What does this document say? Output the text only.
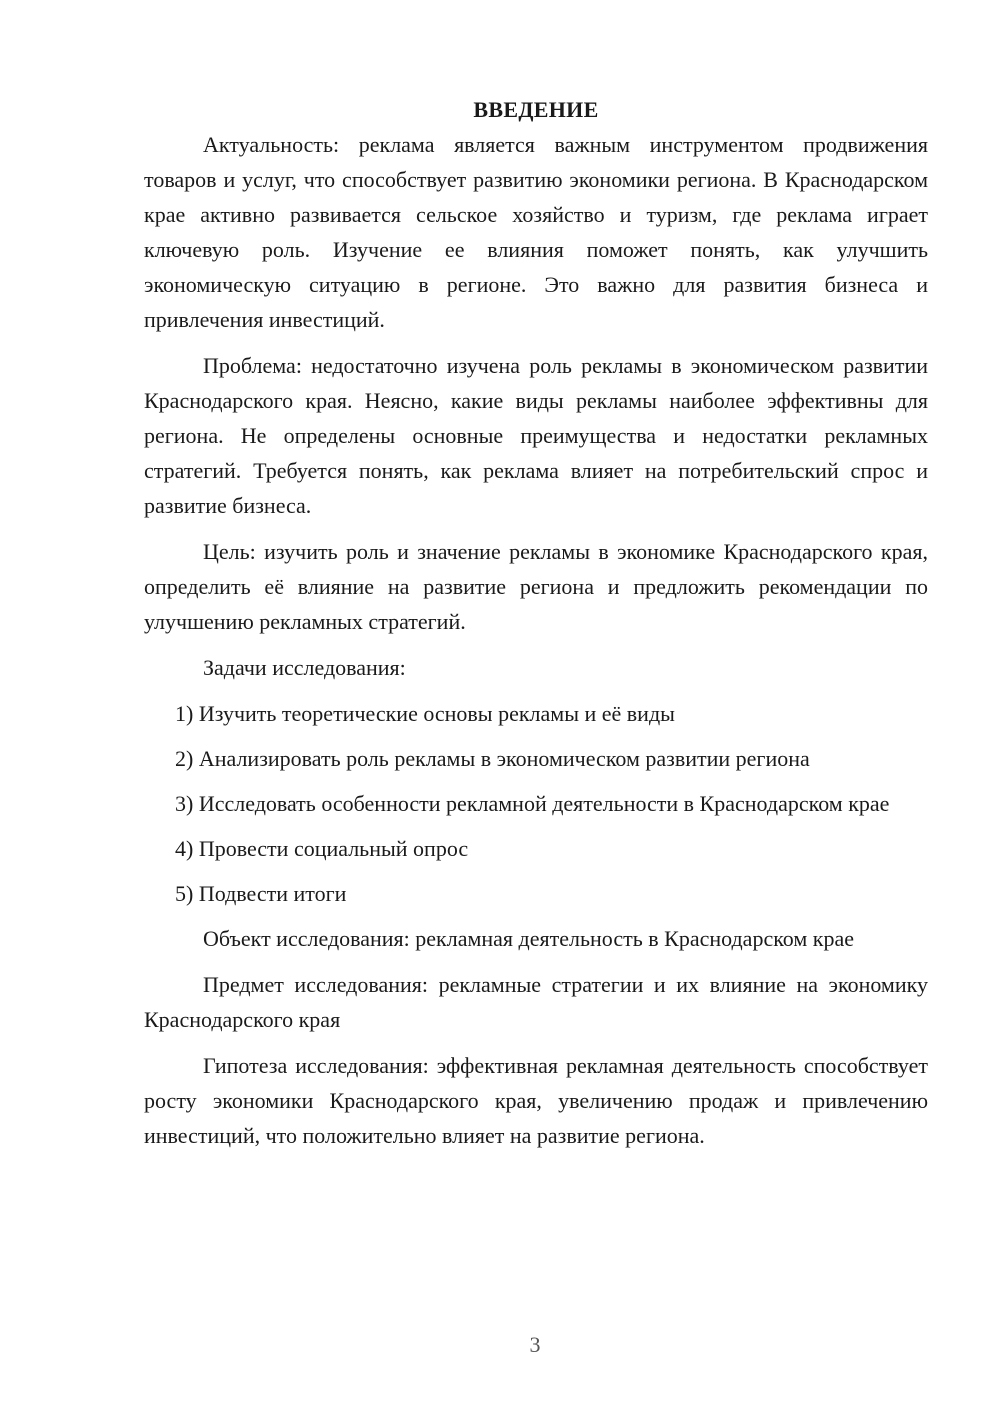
ВВЕДЕНИЕ

Актуальность: реклама является важным инструментом продвижения товаров и услуг, что способствует развитию экономики региона. В Краснодарском крае активно развивается сельское хозяйство и туризм, где реклама играет ключевую роль. Изучение ее влияния поможет понять, как улучшить экономическую ситуацию в регионе. Это важно для развития бизнеса и привлечения инвестиций.

Проблема: недостаточно изучена роль рекламы в экономическом развитии Краснодарского края. Неясно, какие виды рекламы наиболее эффективны для региона. Не определены основные преимущества и недостатки рекламных стратегий. Требуется понять, как реклама влияет на потребительский спрос и развитие бизнеса.

Цель: изучить роль и значение рекламы в экономике Краснодарского края, определить её влияние на развитие региона и предложить рекомендации по улучшению рекламных стратегий.

Задачи исследования:

1) Изучить теоретические основы рекламы и её виды

2) Анализировать роль рекламы в экономическом развитии региона

3) Исследовать особенности рекламной деятельности в Краснодарском крае

4) Провести социальный опрос

5) Подвести итоги

Объект исследования: рекламная деятельность в Краснодарском крае

Предмет исследования: рекламные стратегии и их влияние на экономику Краснодарского края

Гипотеза исследования: эффективная рекламная деятельность способствует росту экономики Краснодарского края, увеличению продаж и привлечению инвестиций, что положительно влияет на развитие региона.

3
